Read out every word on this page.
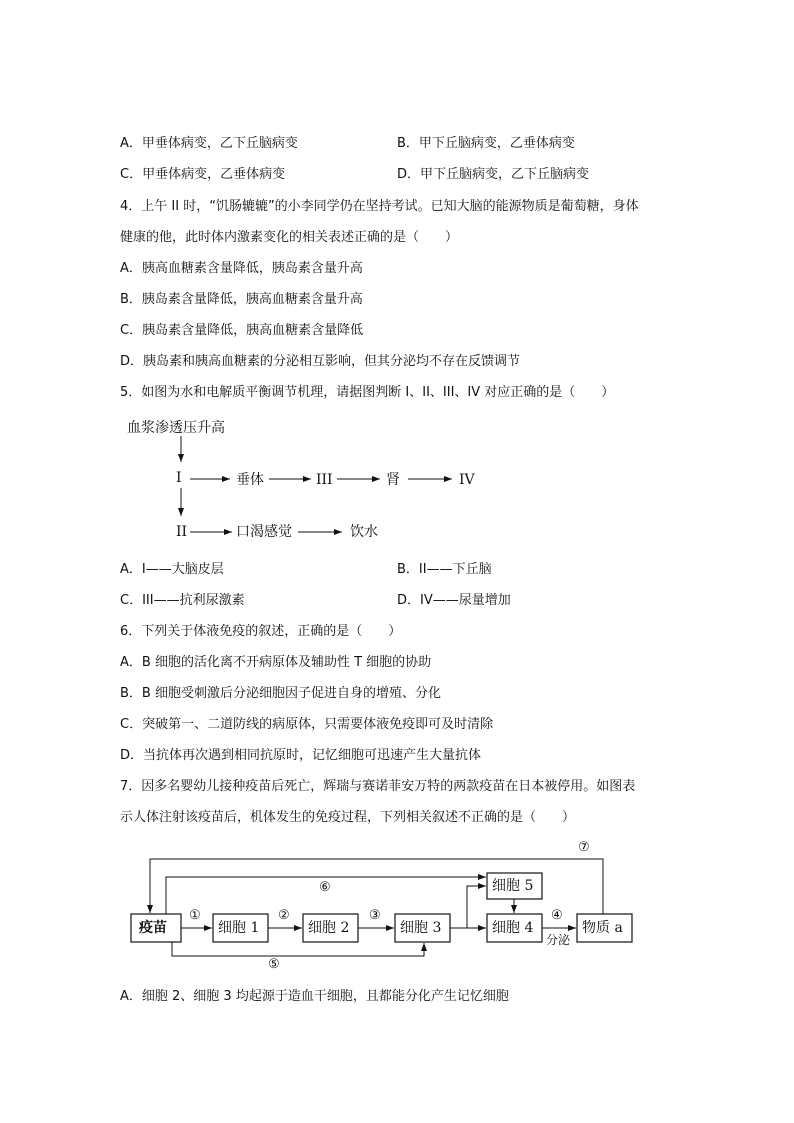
A．甲垂体病变，乙下丘脑病变	B．甲下丘脑病变，乙垂体病变
C．甲垂体病变，乙垂体病变	D．甲下丘脑病变，乙下丘脑病变
4．上午 II 时，“饥肠辘辘”的小李同学仍在坚持考试。已知大脑的能源物质是葡萄糖，身体
健康的他，此时体内激素变化的相关表述正确的是（　　）
A．胰高血糖素含量降低，胰岛素含量升高
B．胰岛素含量降低，胰高血糖素含量升高
C．胰岛素含量降低，胰高血糖素含量降低
D．胰岛素和胰高血糖素的分泌相互影响，但其分泌均不存在反馈调节
5．如图为水和电解质平衡调节机理，请据图判断 I、II、III、IV 对应正确的是（　　）
血浆渗透压升高
I	垂体	III	肾	IV
II	口渴感觉	饮水
A．I——大脑皮层	B．II——下丘脑
C．III——抗利尿激素	D．IV——尿量增加
6．下列关于体液免疫的叙述，正确的是（　　）
A．B 细胞的活化离不开病原体及辅助性 T 细胞的协助
B．B 细胞受刺激后分泌细胞因子促进自身的增殖、分化
C．突破第一、二道防线的病原体，只需要体液免疫即可及时清除
D．当抗体再次遇到相同抗原时，记忆细胞可迅速产生大量抗体
7．因多名婴幼儿接种疫苗后死亡，辉瑞与赛诺菲安万特的两款疫苗在日本被停用。如图表
示人体注射该疫苗后，机体发生的免疫过程，下列相关叙述不正确的是（　　）
疫苗	细胞 1	细胞 2	细胞 3
细胞 5
细胞 4	物质 a
分泌
①	②	③	④
⑤
⑥
⑦
A．细胞 2、细胞 3 均起源于造血干细胞，且都能分化产生记忆细胞
